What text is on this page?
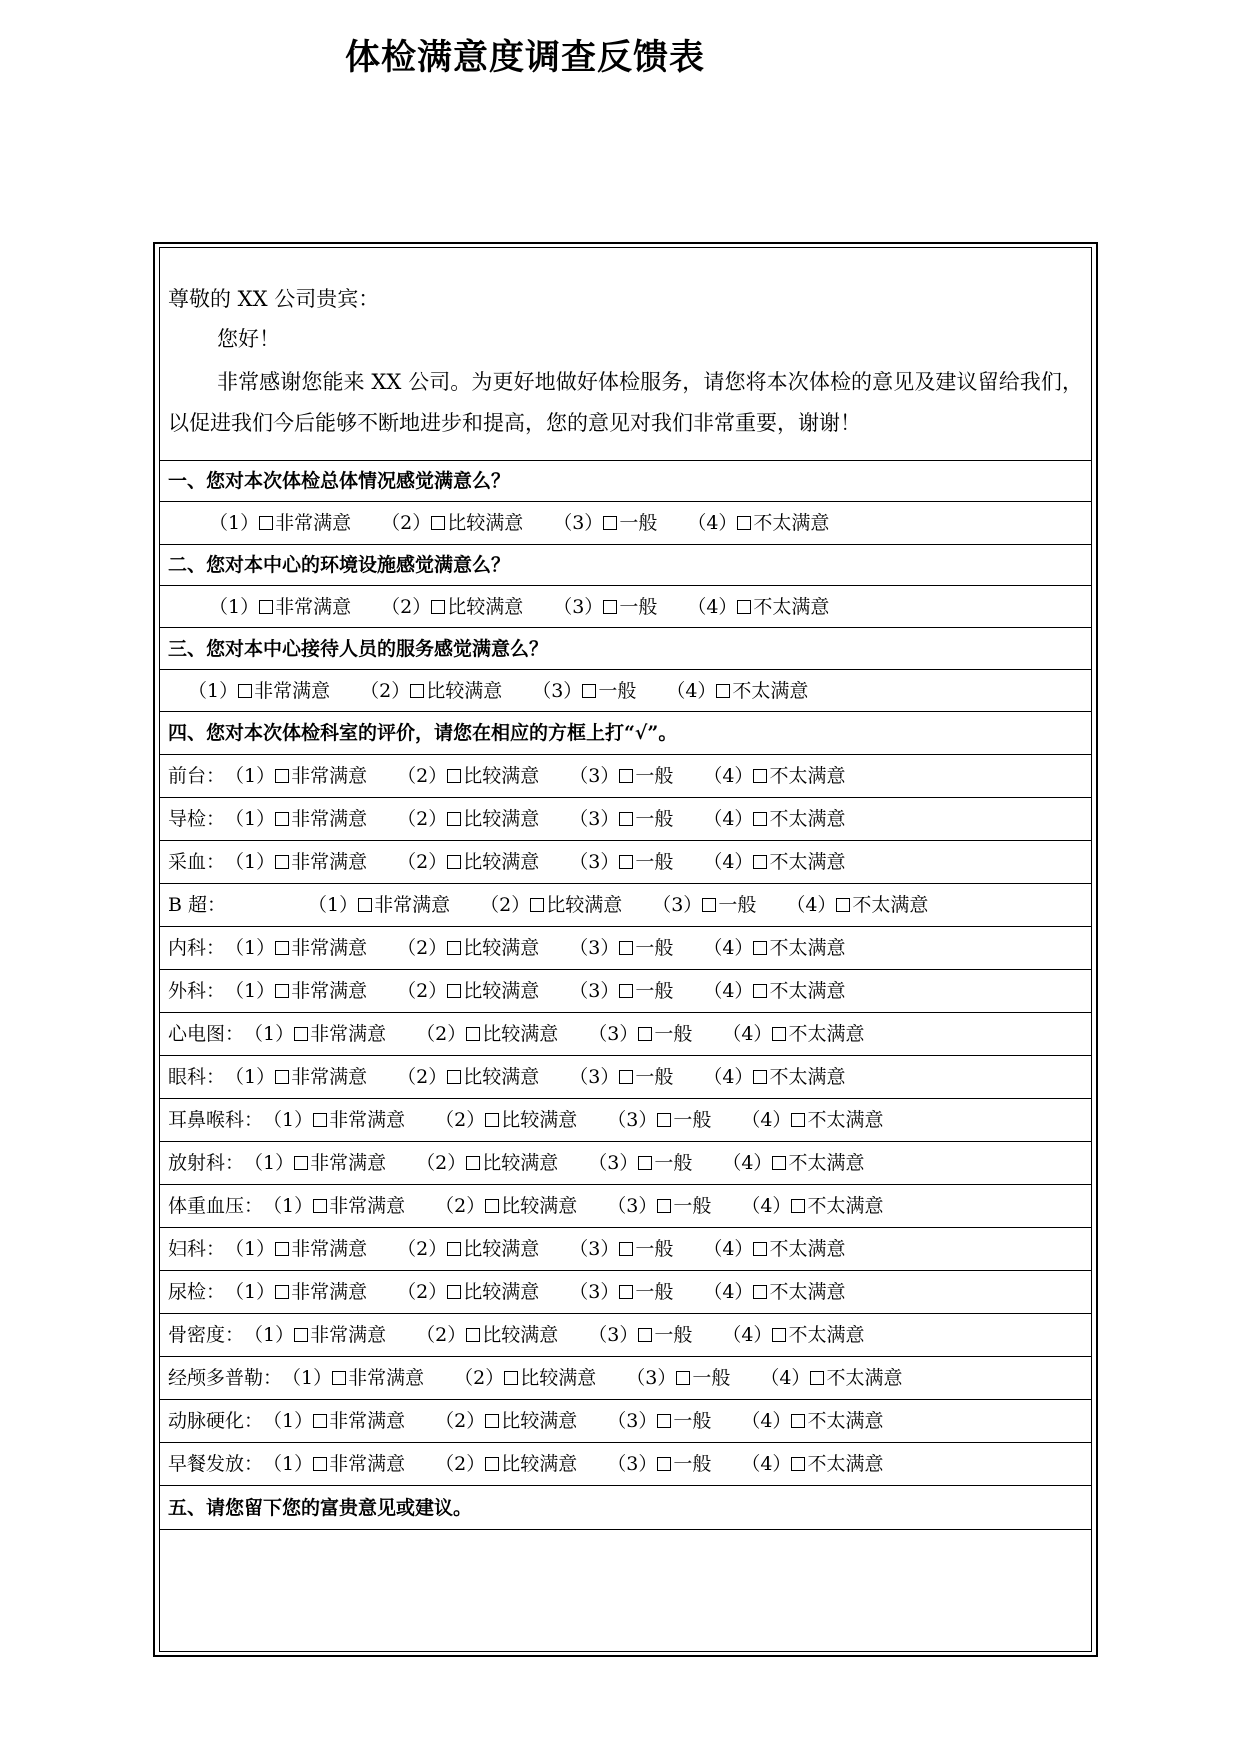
体检满意度调查反馈表
尊敬的 XX 公司贵宾：
您好！
非常感谢您能来 XX 公司。为更好地做好体检服务，请您将本次体检的意见及建议留给我们，以促进我们今后能够不断地进步和提高，您的意见对我们非常重要，谢谢！
一、您对本次体检总体情况感觉满意么？
（1） 非常满意 （2） 比较满意 （3） 一般 （4） 不太满意
二、您对本中心的环境设施感觉满意么？
（1） 非常满意 （2） 比较满意 （3） 一般 （4） 不太满意
三、您对本中心接待人员的服务感觉满意么？
（1） 非常满意 （2） 比较满意 （3） 一般 （4） 不太满意
四、您对本次体检科室的评价，请您在相应的方框上打“√”。
前台：（1） 非常满意 （2） 比较满意 （3） 一般 （4） 不太满意
导检：（1） 非常满意 （2） 比较满意 （3） 一般 （4） 不太满意
采血：（1） 非常满意 （2） 比较满意 （3） 一般 （4） 不太满意
B 超：	（1） 非常满意 （2） 比较满意 （3） 一般 （4） 不太满意
内科：（1） 非常满意 （2） 比较满意 （3） 一般 （4） 不太满意
外科：（1） 非常满意 （2） 比较满意 （3） 一般 （4） 不太满意
心电图：（1） 非常满意 （2） 比较满意 （3） 一般 （4） 不太满意
眼科：（1） 非常满意 （2） 比较满意 （3） 一般 （4） 不太满意
耳鼻喉科：（1） 非常满意 （2） 比较满意 （3） 一般 （4） 不太满意
放射科：（1） 非常满意 （2） 比较满意 （3） 一般 （4） 不太满意
体重血压：（1） 非常满意 （2） 比较满意 （3） 一般 （4） 不太满意
妇科：（1） 非常满意 （2） 比较满意 （3） 一般 （4） 不太满意
尿检：（1） 非常满意 （2） 比较满意 （3） 一般 （4） 不太满意
骨密度：（1） 非常满意 （2） 比较满意 （3） 一般 （4） 不太满意
经颅多普勒：（1） 非常满意 （2） 比较满意 （3） 一般 （4） 不太满意
动脉硬化：（1） 非常满意 （2） 比较满意 （3） 一般 （4） 不太满意
早餐发放：（1） 非常满意 （2） 比较满意 （3） 一般 （4） 不太满意
五、请您留下您的富贵意见或建议。
